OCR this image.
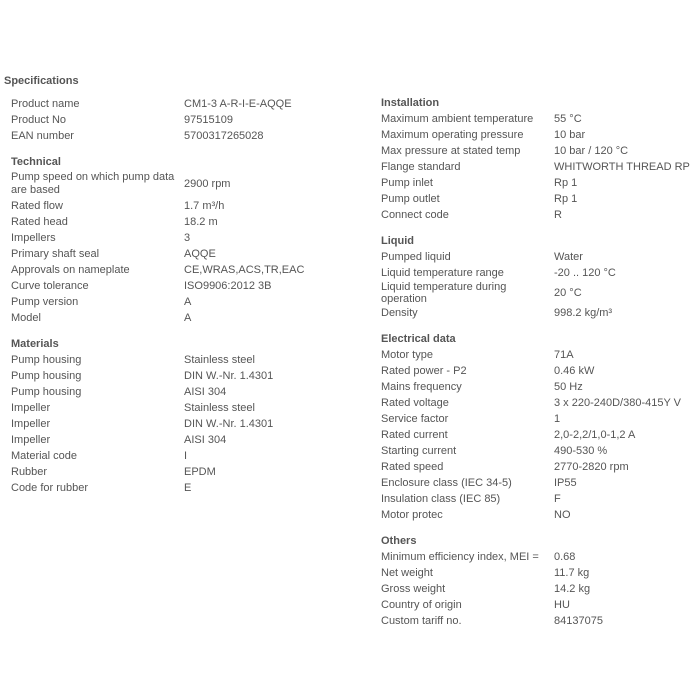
Specifications
Product name	CM1-3 A-R-I-E-AQQE
Product No	97515109
EAN number	5700317265028
Technical
Pump speed on which pump data are based	2900 rpm
Rated flow	1.7 m³/h
Rated head	18.2 m
Impellers	3
Primary shaft seal	AQQE
Approvals on nameplate	CE,WRAS,ACS,TR,EAC
Curve tolerance	ISO9906:2012 3B
Pump version	A
Model	A
Materials
Pump housing	Stainless steel
Pump housing	DIN W.-Nr. 1.4301
Pump housing	AISI 304
Impeller	Stainless steel
Impeller	DIN W.-Nr. 1.4301
Impeller	AISI 304
Material code	I
Rubber	EPDM
Code for rubber	E
Installation
Maximum ambient temperature	55 °C
Maximum operating pressure	10 bar
Max pressure at stated temp	10 bar / 120 °C
Flange standard	WHITWORTH THREAD RP
Pump inlet	Rp 1
Pump outlet	Rp 1
Connect code	R
Liquid
Pumped liquid	Water
Liquid temperature range	-20 .. 120 °C
Liquid temperature during operation	20 °C
Density	998.2 kg/m³
Electrical data
Motor type	71A
Rated power - P2	0.46 kW
Mains frequency	50 Hz
Rated voltage	3 x 220-240D/380-415Y V
Service factor	1
Rated current	2,0-2,2/1,0-1,2 A
Starting current	490-530 %
Rated speed	2770-2820 rpm
Enclosure class (IEC 34-5)	IP55
Insulation class (IEC 85)	F
Motor protec	NO
Others
Minimum efficiency index, MEI =	0.68
Net weight	11.7 kg
Gross weight	14.2 kg
Country of origin	HU
Custom tariff no.	84137075
